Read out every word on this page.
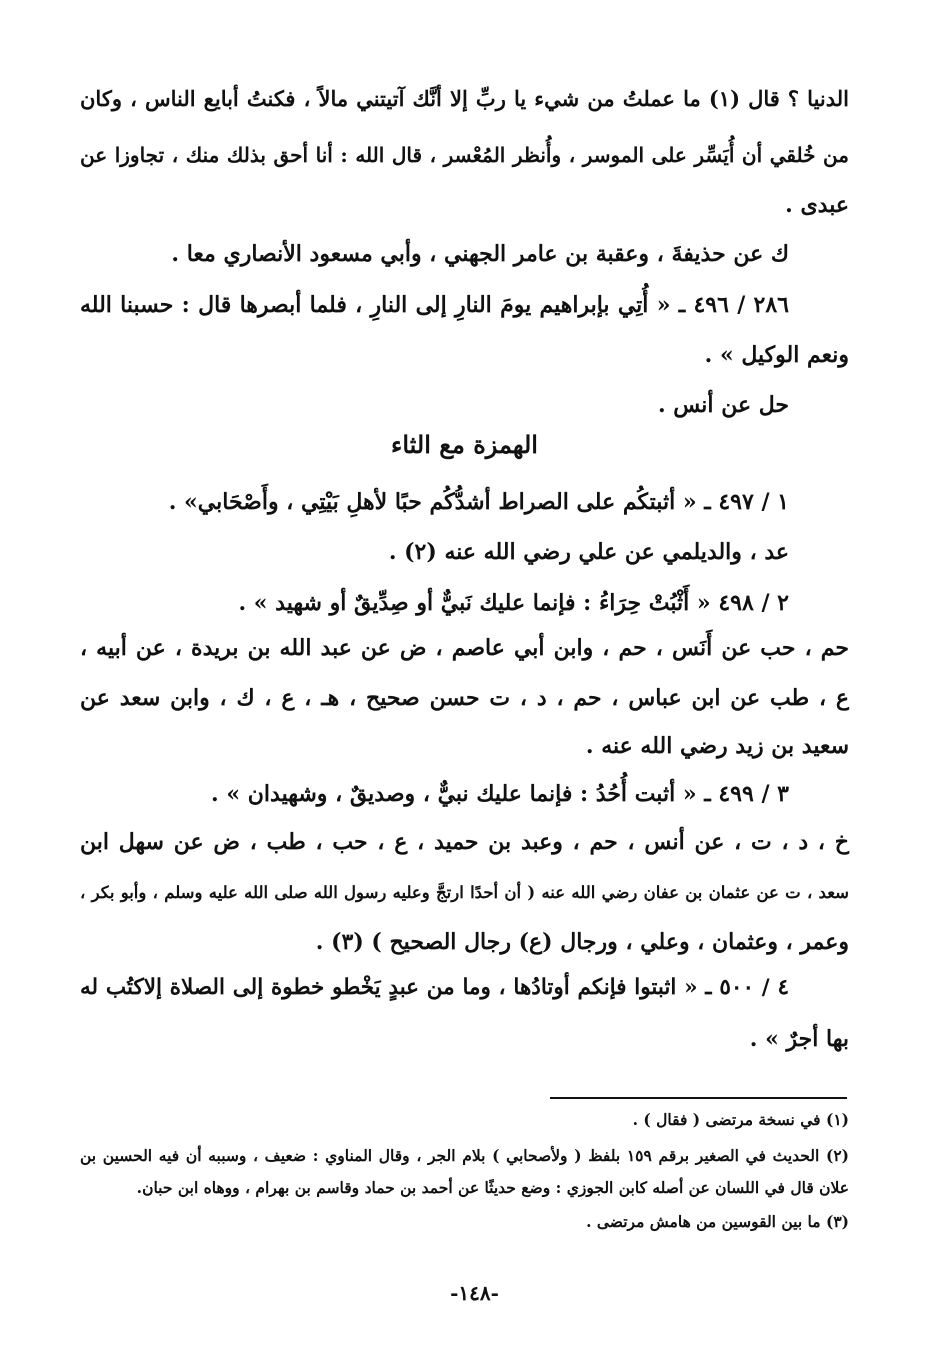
الدنيا ؟ قال (١) ما عملتُ من شيء يا ربِّ إلا أنَّك آتيتني مالاً ، فكنتُ أبايع الناس ، وكان
من خُلقي أن أُيَسِّر على الموسر ، وأُنظر المُعْسر ، قال الله : أنا أحق بذلك منك ، تجاوزا عن
عبدى .
ك عن حذيفةَ ، وعقبة بن عامر الجهني ، وأبي مسعود الأنصاري معا .
٢٨٦ / ٤٩٦ ـ « أُتِي بإبراهيم يومَ النارِ إلى النارِ ، فلما أبصرها قال : حسبنا الله
ونعم الوكيل » .
حل عن أنس .
الهمزة مع الثاء
١ / ٤٩٧ ـ « أثبتكُم على الصراط أشدُّكُم حبًا لأهلِ بَيْتِي ، وأَصْحَابي» .
عد ، والديلمي عن علي رضي الله عنه (٢) .
٢ / ٤٩٨ « أَثْبُتْ حِرَاءُ : فإنما عليك نَبيٌّ أو صِدِّيقٌ أو شهيد » .
حم ، حب عن أَنَس ، حم ، وابن أبي عاصم ، ض عن عبد الله بن بريدة ، عن أبيه ،
ع ، طب عن ابن عباس ، حم ، د ، ت حسن صحيح ، هـ ، ع ، ك ، وابن سعد عن
سعيد بن زيد رضي الله عنه .
٣ / ٤٩٩ ـ « أثبت أُحُدُ : فإنما عليك نبيٌّ ، وصديقٌ ، وشهيدان » .
خ ، د ، ت ، عن أنس ، حم ، وعبد بن حميد ، ع ، حب ، طب ، ض عن سهل ابن
سعد ، ت عن عثمان بن عفان رضي الله عنه ( أن أحدًا ارتجَّ وعليه رسول الله صلى الله عليه وسلم ، وأبو بكر ،
وعمر ، وعثمان ، وعلي ، ورجال (ع) رجال الصحيح ) (٣) .
٤ / ٥٠٠ ـ « اثبتوا فإنكم أوتادُها ، وما من عبدٍ يَخْطو خطوة إلى الصلاة إلاكتُب له
بها أجرٌ » .
(١) في نسخة مرتضى ( فقال ) .
(٢) الحديث في الصغير برقم ١٥٩ بلفظ ( ولأصحابي ) بلام الجر ، وقال المناوي : ضعيف ، وسببه أن فيه الحسين بن
علان قال في اللسان عن أصله كابن الجوزي : وضع حديثًا عن أحمد بن حماد وقاسم بن بهرام ، ووهاه ابن حبان.
(٣) ما بين القوسين من هامش مرتضى .
-١٤٨-
